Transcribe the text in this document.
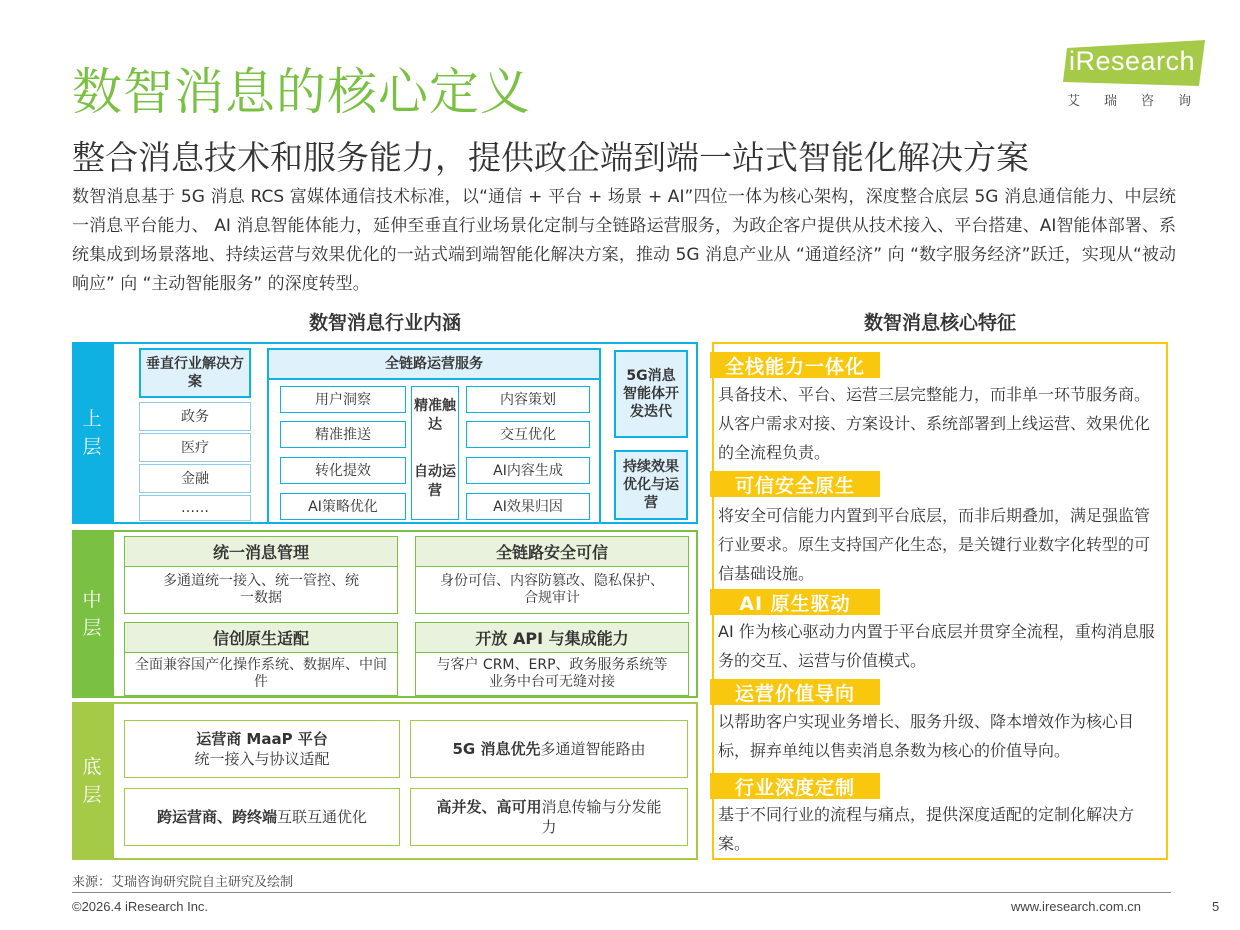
数智消息的核心定义
iResearch
艾瑞咨询
整合消息技术和服务能力，提供政企端到端一站式智能化解决方案
数智消息基于 5G 消息 RCS 富媒体通信技术标准，以“通信 + 平台 + 场景 + AI”四位一体为核心架构，深度整合底层 5G 消息通信能力、中层统一消息平台能力、 AI 消息智能体能力，延伸至垂直行业场景化定制与全链路运营服务，为政企客户提供从技术接入、平台搭建、AI智能体部署、系统集成到场景落地、持续运营与效果优化的一站式端到端智能化解决方案，推动 5G 消息产业从 “通道经济” 向 “数字服务经济”跃迁，实现从“被动响应” 向 “主动智能服务” 的深度转型。
数智消息行业内涵	数智消息核心特征
上层
垂直行业解决方案
政务
医疗
金融
……
全链路运营服务
用户洞察
精准推送
转化提效
AI策略优化
精准触达
自动运营
内容策划
交互优化
AI内容生成
AI效果归因
5G消息智能体开发迭代
持续效果优化与运营
中层
统一消息管理
多通道统一接入、统一管控、统一数据
全链路安全可信
身份可信、内容防篡改、隐私保护、合规审计
信创原生适配
全面兼容国产化操作系统、数据库、中间件
开放 API 与集成能力
与客户 CRM、ERP、政务服务系统等业务中台可无缝对接
底层
运营商 MaaP 平台
统一接入与协议适配
5G 消息优先 多通道智能路由
跨运营商、跨终端 互联互通优化
高并发、高可用消息传输与分发能力
全栈能力一体化
具备技术、平台、运营三层完整能力，而非单一环节服务商。从客户需求对接、方案设计、系统部署到上线运营、效果优化的全流程负责。
可信安全原生
将安全可信能力内置到平台底层，而非后期叠加，满足强监管行业要求。原生支持国产化生态，是关键行业数字化转型的可信基础设施。
AI 原生驱动
AI 作为核心驱动力内置于平台底层并贯穿全流程，重构消息服务的交互、运营与价值模式。
运营价值导向
以帮助客户实现业务增长、服务升级、降本增效作为核心目标，摒弃单纯以售卖消息条数为核心的价值导向。
行业深度定制
基于不同行业的流程与痛点，提供深度适配的定制化解决方案。
来源：艾瑞咨询研究院自主研究及绘制
©2026.4 iResearch Inc.	www.iresearch.com.cn	5
